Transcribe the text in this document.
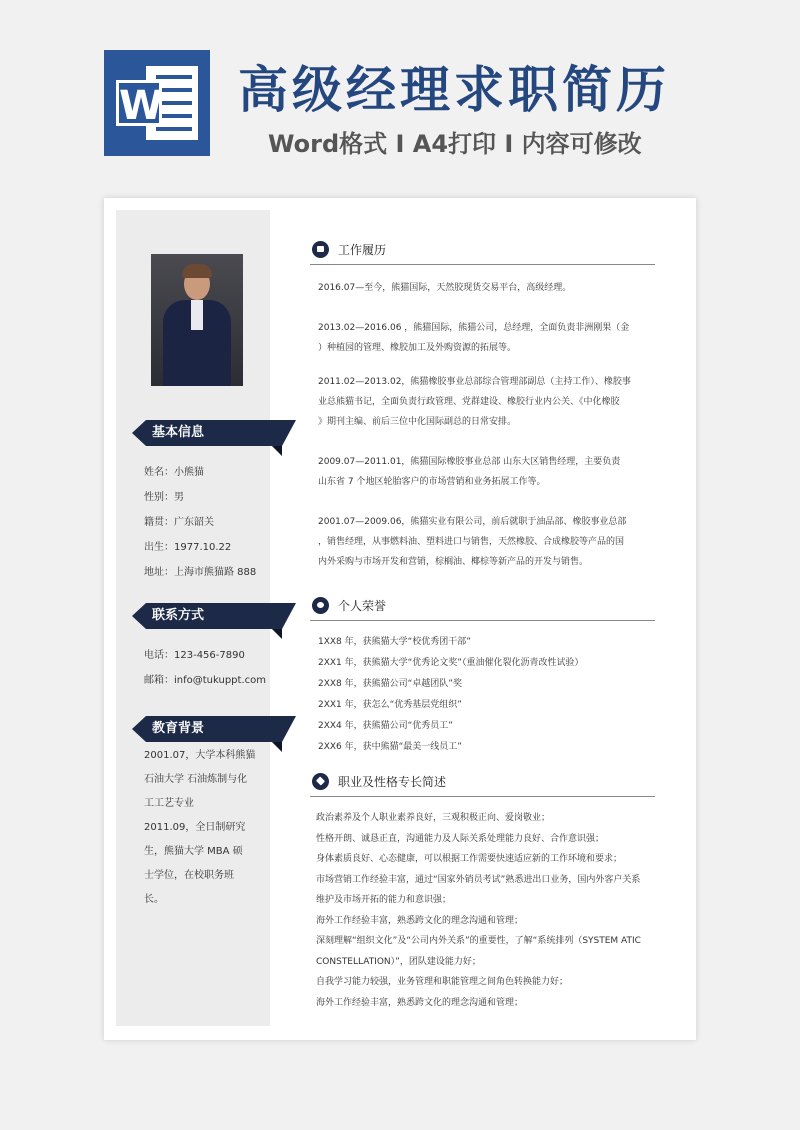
W 高级经理求职简历
Word格式 I A4打印 I 内容可修改
基本信息
姓名：小熊猫
性别：男
籍贯：广东韶关
出生：1977.10.22
地址：上海市熊猫路 888
联系方式
电话：123-456-7890
邮箱：info@tukuppt.com
教育背景
2001.07，大学本科熊猫
石油大学 石油炼制与化
工工艺专业
2011.09，全日制研究
生，熊猫大学 MBA 硕
士学位，在校职务班
长。
工作履历
2016.07—至今，熊猫国际，天然胶现货交易平台，高级经理。
2013.02—2016.06 ，熊猫国际，熊猫公司，总经理，全面负责非洲刚果（金
）种植园的管理、橡胶加工及外购资源的拓展等。
2011.02—2013.02，熊猫橡胶事业总部综合管理部副总（主持工作）、橡胶事
业总熊猫书记，全面负责行政管理、党群建设、橡胶行业内公关、《中化橡胶
》期刊主编、前后三位中化国际副总的日常安排。
2009.07—2011.01，熊猫国际橡胶事业总部 山东大区销售经理，主要负责
山东省 7 个地区轮胎客户的市场营销和业务拓展工作等。
2001.07—2009.06，熊猫实业有限公司，前后就职于油品部、橡胶事业总部
，销售经理，从事燃料油、塑料进口与销售，天然橡胶、合成橡胶等产品的国
内外采购与市场开发和营销，棕榈油、椰棕等新产品的开发与销售。
个人荣誉
1XX8 年，获熊猫大学“校优秀团干部”
2XX1 年，获熊猫大学“优秀论文奖”（重油催化裂化沥青改性试验）
2XX8 年，获熊猫公司“卓越团队”奖
2XX1 年，获怎么“优秀基层党组织”
2XX4 年，获熊猫公司“优秀员工”
2XX6 年，获中熊猫“最美一线员工”
职业及性格专长简述
政治素养及个人职业素养良好，三观积极正向、爱岗敬业；
性格开朗、诚恳正直，沟通能力及人际关系处理能力良好、合作意识强；
身体素质良好、心态健康，可以根据工作需要快速适应新的工作环境和要求；
市场营销工作经验丰富，通过“国家外销员考试”熟悉进出口业务，国内外客户关系
维护及市场开拓的能力和意识强；
海外工作经验丰富，熟悉跨文化的理念沟通和管理；
深刻理解“组织文化”及“公司内外关系”的重要性，了解“系统排列（SYSTEM ATIC
CONSTELLATION）”，团队建设能力好；
自我学习能力较强，业务管理和职能管理之间角色转换能力好；
海外工作经验丰富，熟悉跨文化的理念沟通和管理；
